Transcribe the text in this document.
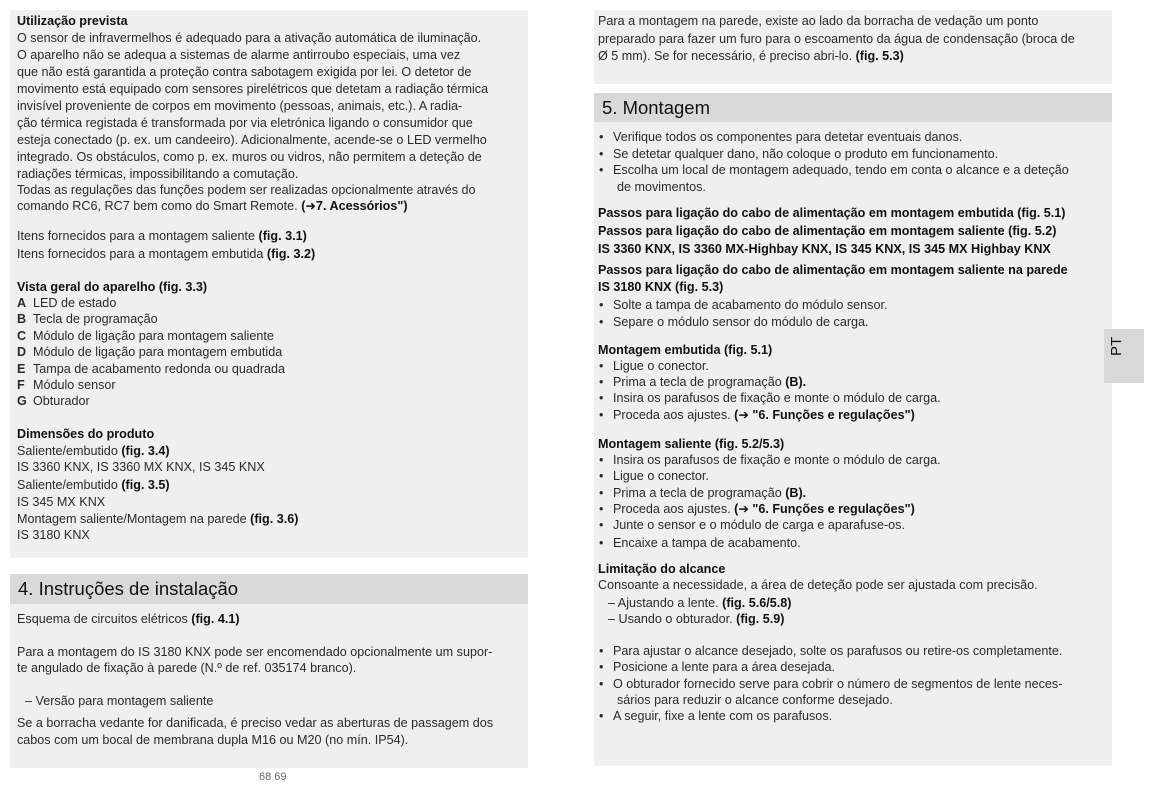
Utilização prevista
O sensor de infravermelhos é adequado para a ativação automática de iluminação.
O aparelho não se adequa a sistemas de alarme antirroubo especiais, uma vez
que não está garantida a proteção contra sabotagem exigida por lei. O detetor de
movimento está equipado com sensores pirelétricos que detetam a radiação térmica
invisível proveniente de corpos em movimento (pessoas, animais, etc.). A radia-
ção térmica registada é transformada por via eletrónica ligando o consumidor que
esteja conectado (p. ex. um candeeiro). Adicionalmente, acende-se o LED vermelho
integrado. Os obstáculos, como p. ex. muros ou vidros, não permitem a deteção de
radiações térmicas, impossibilitando a comutação.
Todas as regulações das funções podem ser realizadas opcionalmente através do
comando RC6, RC7 bem como do Smart Remote. (➜7. Acessórios")
Itens fornecidos para a montagem saliente (fig. 3.1)
Itens fornecidos para a montagem embutida (fig. 3.2)
Vista geral do aparelho (fig. 3.3)
A LED de estado
B Tecla de programação
C Módulo de ligação para montagem saliente
D Módulo de ligação para montagem embutida
E Tampa de acabamento redonda ou quadrada
F Módulo sensor
G Obturador
Dimensões do produto
Saliente/embutido (fig. 3.4)
IS 3360 KNX, IS 3360 MX KNX, IS 345 KNX
Saliente/embutido (fig. 3.5)
IS 345 MX KNX
Montagem saliente/Montagem na parede (fig. 3.6)
IS 3180 KNX
4. Instruções de instalação
Esquema de circuitos elétricos (fig. 4.1)
Para a montagem do IS 3180 KNX pode ser encomendado opcionalmente um supor-
te angulado de fixação à parede (N.º de ref. 035174 branco).
– Versão para montagem saliente
Se a borracha vedante for danificada, é preciso vedar as aberturas de passagem dos
cabos com um bocal de membrana dupla M16 ou M20 (no mín. IP54).
68 69
Para a montagem na parede, existe ao lado da borracha de vedação um ponto
preparado para fazer um furo para o escoamento da água de condensação (broca de
Ø 5 mm). Se for necessário, é preciso abri-lo. (fig. 5.3)
5. Montagem
• Verifique todos os componentes para detetar eventuais danos.
• Se detetar qualquer dano, não coloque o produto em funcionamento.
• Escolha um local de montagem adequado, tendo em conta o alcance e a deteção
de movimentos.
Passos para ligação do cabo de alimentação em montagem embutida (fig. 5.1)
Passos para ligação do cabo de alimentação em montagem saliente (fig. 5.2)
IS 3360 KNX, IS 3360 MX-Highbay KNX, IS 345 KNX, IS 345 MX Highbay KNX
Passos para ligação do cabo de alimentação em montagem saliente na parede
IS 3180 KNX (fig. 5.3)
• Solte a tampa de acabamento do módulo sensor.
• Separe o módulo sensor do módulo de carga.
Montagem embutida (fig. 5.1)
• Ligue o conector.
• Prima a tecla de programação (B).
• Insira os parafusos de fixação e monte o módulo de carga.
• Proceda aos ajustes. (➔ "6. Funções e regulações")
Montagem saliente (fig. 5.2/5.3)
• Insira os parafusos de fixação e monte o módulo de carga.
• Ligue o conector.
• Prima a tecla de programação (B).
• Proceda aos ajustes. (➔ "6. Funções e regulações")
• Junte o sensor e o módulo de carga e aparafuse-os.
• Encaixe a tampa de acabamento.
Limitação do alcance
Consoante a necessidade, a área de deteção pode ser ajustada com precisão.
– Ajustando a lente. (fig. 5.6/5.8)
– Usando o obturador. (fig. 5.9)
• Para ajustar o alcance desejado, solte os parafusos ou retire-os completamente.
• Posicione a lente para a área desejada.
• O obturador fornecido serve para cobrir o número de segmentos de lente neces-
sários para reduzir o alcance conforme desejado.
• A seguir, fixe a lente com os parafusos.
PT
